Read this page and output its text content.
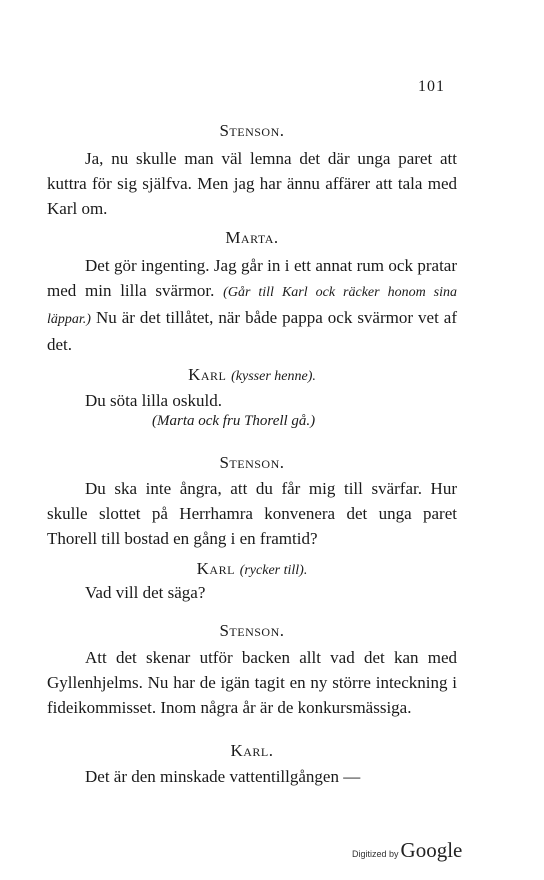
101
Stenson.
Ja, nu skulle man väl lemna det där unga paret att kuttra för sig själfva. Men jag har ännu affärer att tala med Karl om.
Marta.
Det gör ingenting. Jag går in i ett annat rum ock pratar med min lilla svärmor. (Går till Karl ock räcker honom sina läppar.) Nu är det tillåtet, när både pappa ock svärmor vet af det.
Karl (kysser henne).
Du söta lilla oskuld.
(Marta ock fru Thorell gå.)
Stenson.
Du ska inte ångra, att du får mig till svärfar. Hur skulle slottet på Herrhamra konvenera det unga paret Thorell till bostad en gång i en framtid?
Karl (rycker till).
Vad vill det säga?
Stenson.
Att det skenar utför backen allt vad det kan med Gyllenhjelms. Nu har de igän tagit en ny större inteckning i fideikommisset. Inom några år är de konkursmässiga.
Karl.
Det är den minskade vattentillgången —
Digitized by Google
